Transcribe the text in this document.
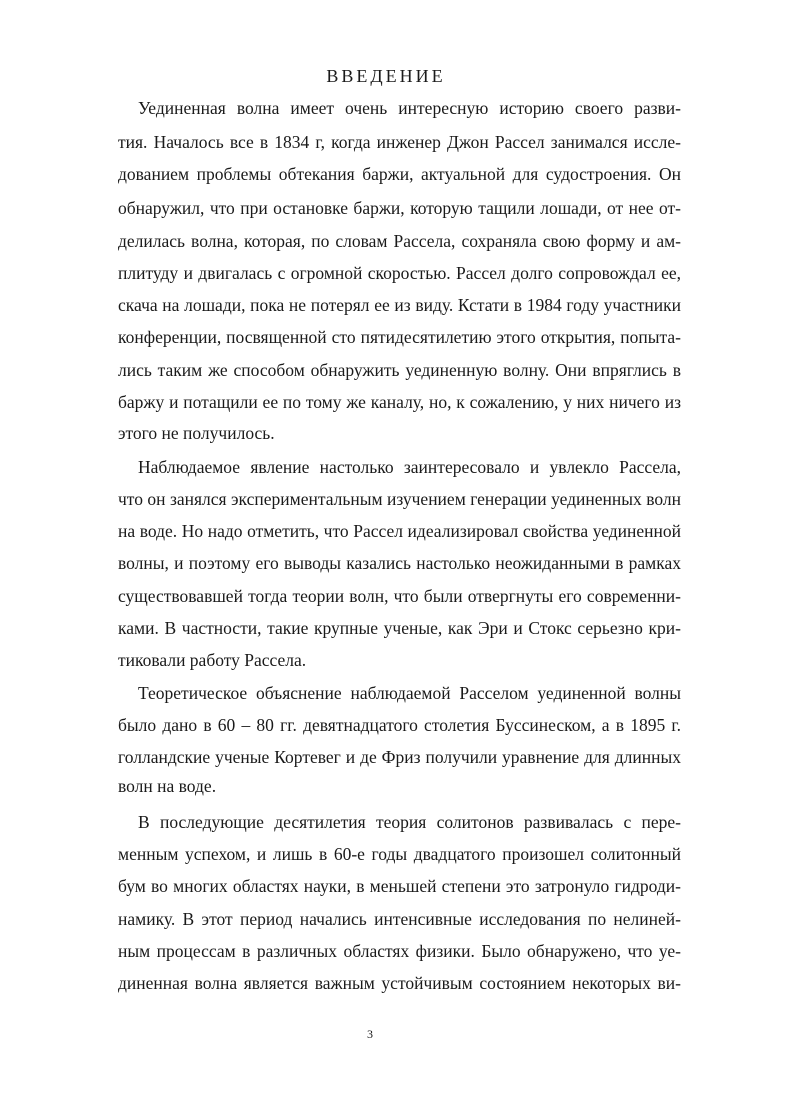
ВВЕДЕНИЕ
Уединенная волна имеет очень интересную историю своего разви-
тия. Началось все в 1834 г, когда инженер Джон Рассел занимался иссле-
дованием проблемы обтекания баржи, актуальной для судостроения. Он
обнаружил, что при остановке баржи, которую тащили лошади, от нее от-
делилась волна, которая, по словам Рассела, сохраняла свою форму и ам-
плитуду и двигалась с огромной скоростью. Рассел долго сопровождал ее,
скача на лошади, пока не потерял ее из виду. Кстати в 1984 году участники
конференции, посвященной сто пятидесятилетию этого открытия, попыта-
лись таким же способом обнаружить уединенную волну. Они впряглись в
баржу и потащили ее по тому же каналу, но, к сожалению, у них ничего из
этого не получилось.
Наблюдаемое явление настолько заинтересовало и увлекло Рассела,
что он занялся экспериментальным изучением генерации уединенных волн
на воде. Но надо отметить, что Рассел идеализировал свойства уединенной
волны, и поэтому его выводы казались настолько неожиданными в рамках
существовавшей тогда теории волн, что были отвергнуты его современни-
ками. В частности, такие крупные ученые, как Эри и Стокс серьезно кри-
тиковали работу Рассела.
Теоретическое объяснение наблюдаемой Расселом уединенной волны
было дано в 60 – 80 гг. девятнадцатого столетия Буссинеском, а в 1895 г.
голландские ученые Кортевег и де Фриз получили уравнение для длинных
волн на воде.
В последующие десятилетия теория солитонов развивалась с пере-
менным успехом, и лишь в 60-е годы двадцатого произошел солитонный
бум во многих областях науки, в меньшей степени это затронуло гидроди-
намику. В этот период начались интенсивные исследования по нелиней-
ным процессам в различных областях физики. Было обнаружено, что уе-
диненная волна является важным устойчивым состоянием некоторых ви-
3
